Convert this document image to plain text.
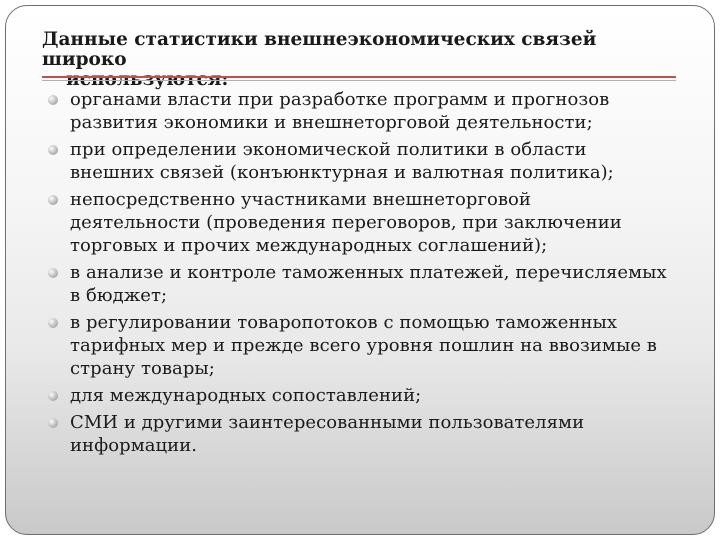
Данные статистики внешнеэкономических связей широко
используются:
органами власти при разработке программ и прогнозов
развития экономики и внешнеторговой деятельности;
при определении экономической политики в области
внешних связей (конъюнктурная и валютная политика);
непосредственно участниками внешнеторговой
деятельности (проведения переговоров, при заключении
торговых и прочих международных соглашений);
в анализе и контроле таможенных платежей, перечисляемых
в бюджет;
в регулировании товаропотоков с помощью таможенных
тарифных мер и прежде всего уровня пошлин на ввозимые в
страну товары;
для международных сопоставлений;
СМИ и другими заинтересованными пользователями
информации.
